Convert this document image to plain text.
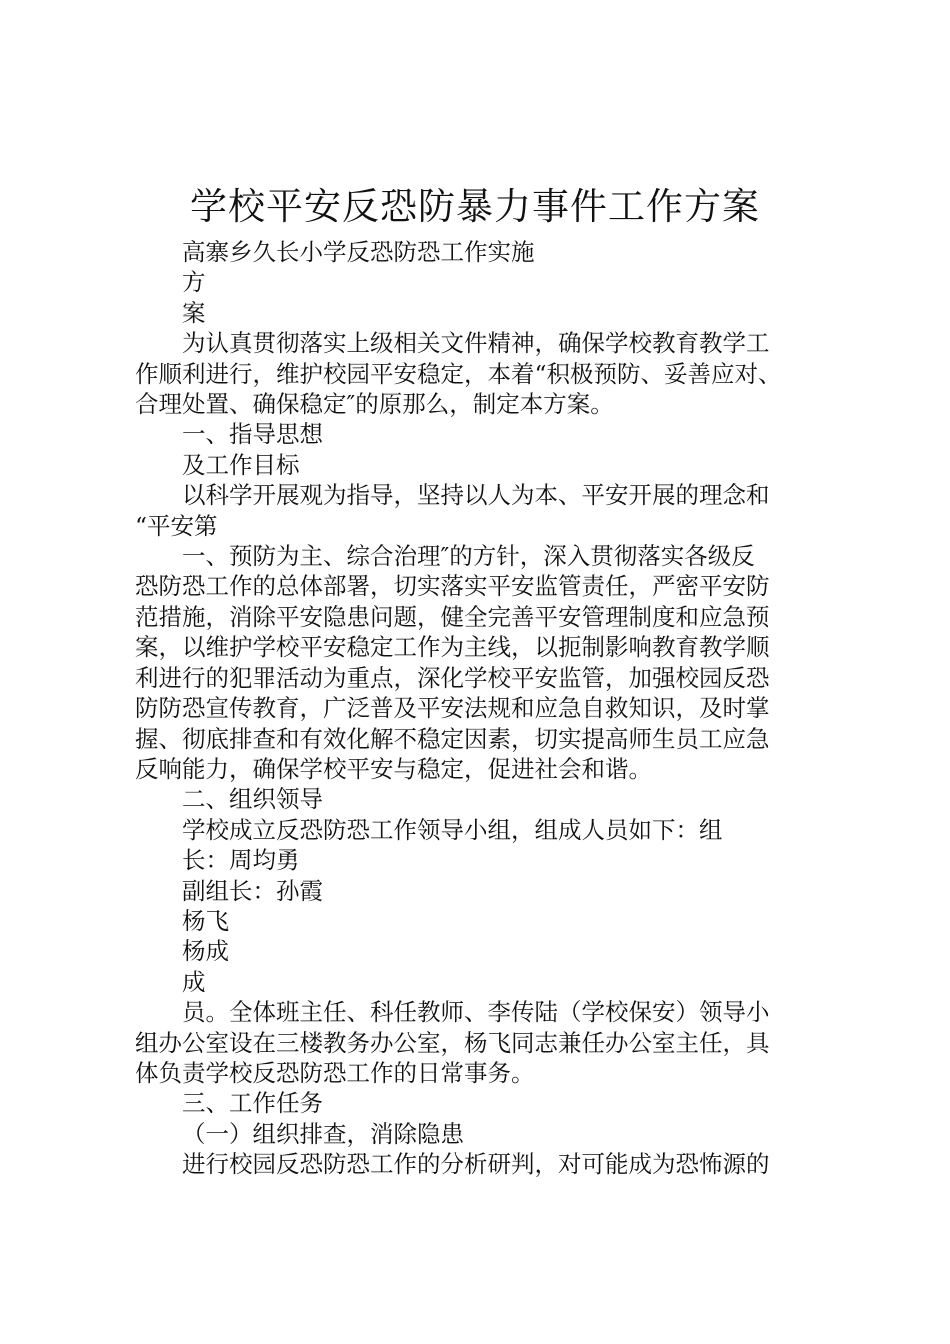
学校平安反恐防暴力事件工作方案

高寨乡久长小学反恐防恐工作实施

方

案

为认真贯彻落实上级相关文件精神，确保学校教育教学工

作顺利进行，维护校园平安稳定，本着“积极预防、妥善应对、

合理处置、确保稳定″的原那么，制定本方案。

一、指导思想

及工作目标

以科学开展观为指导，坚持以人为本、平安开展的理念和

“平安第

一、预防为主、综合治理″的方针，深入贯彻落实各级反

恐防恐工作的总体部署，切实落实平安监管责任，严密平安防

范措施，消除平安隐患问题，健全完善平安管理制度和应急预

案，以维护学校平安稳定工作为主线，以扼制影响教育教学顺

利进行的犯罪活动为重点，深化学校平安监管，加强校园反恐

防防恐宣传教育，广泛普及平安法规和应急自救知识，及时掌

握、彻底排查和有效化解不稳定因素，切实提高师生员工应急

反响能力，确保学校平安与稳定，促进社会和谐。

二、组织领导

学校成立反恐防恐工作领导小组，组成人员如下：组

长：周均勇

副组长：孙霞

杨飞

杨成

成

员。全体班主任、科任教师、李传陆（学校保安）领导小

组办公室设在三楼教务办公室，杨飞同志兼任办公室主任，具

体负责学校反恐防恐工作的日常事务。

三、工作任务

（一）组织排查，消除隐患

进行校园反恐防恐工作的分析研判，对可能成为恐怖源的
